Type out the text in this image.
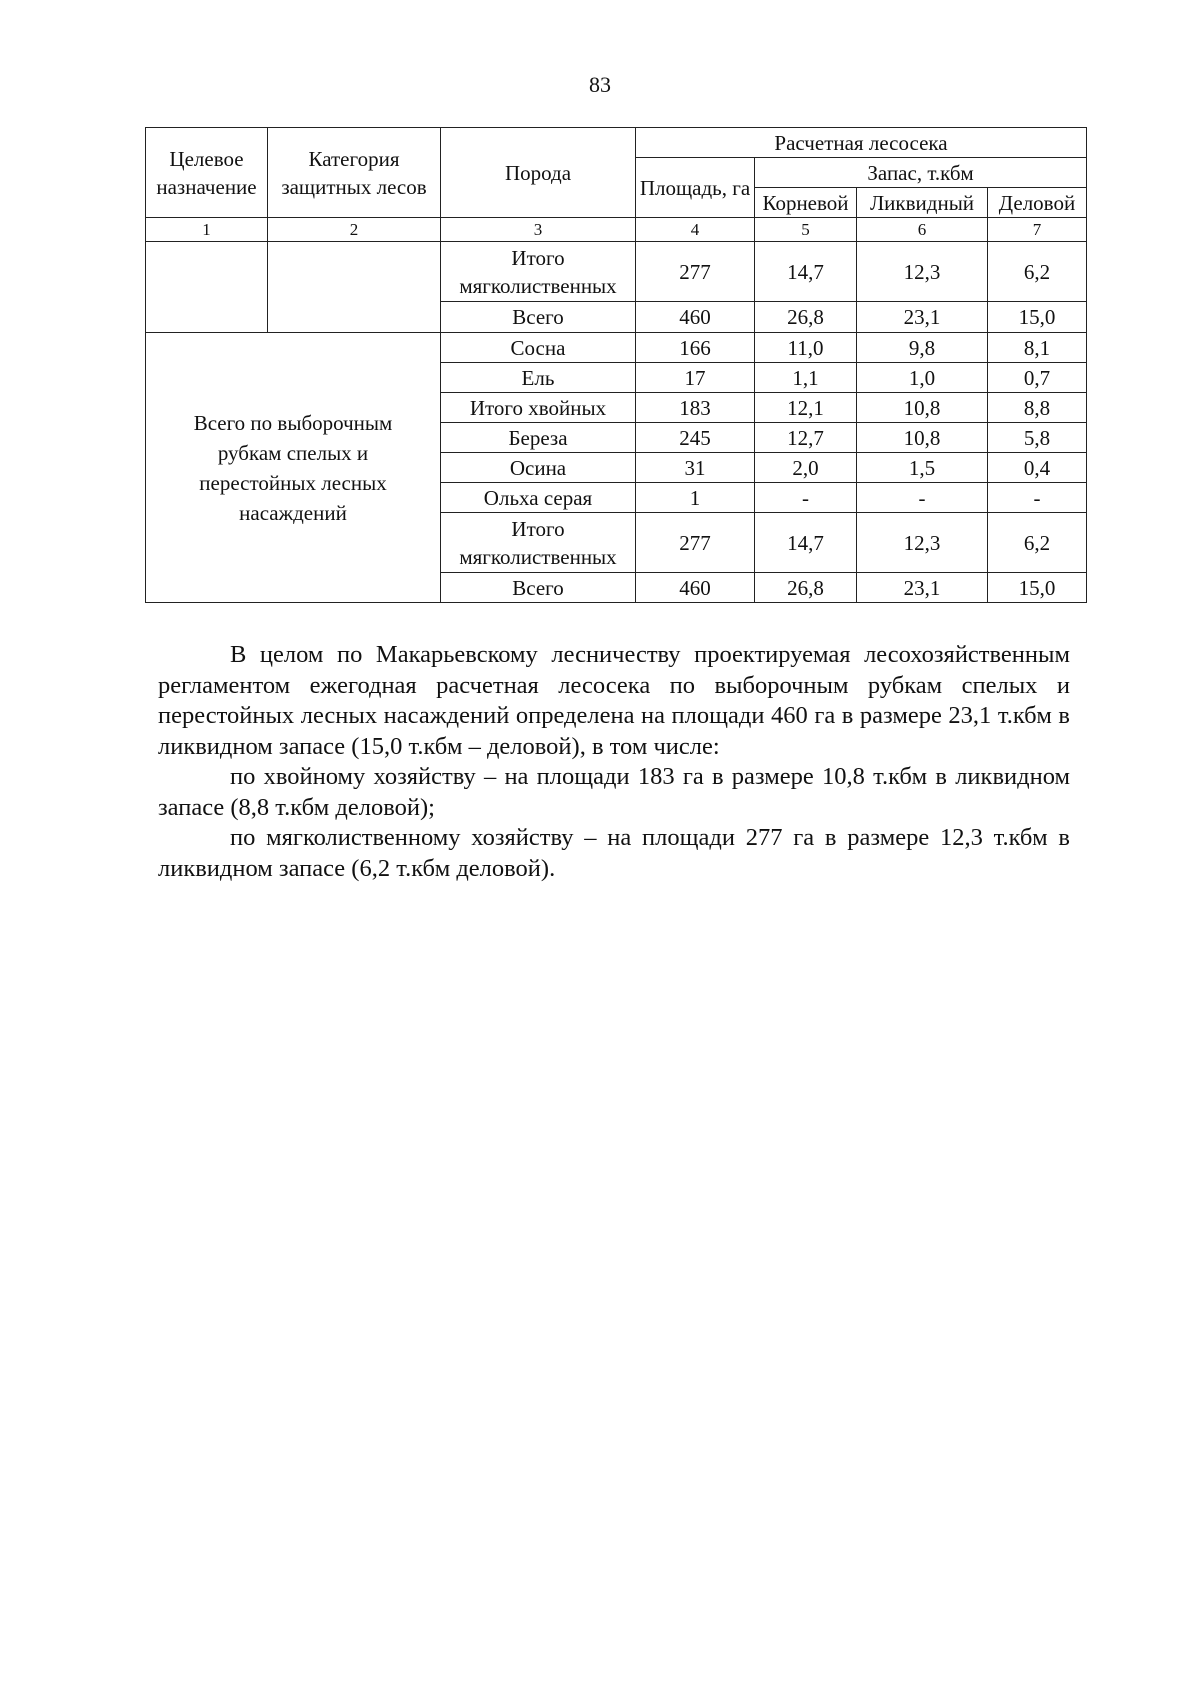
83
Целевое назначение	Категория защитных лесов	Порода	Расчетная лесосека			
			Площадь, га	Запас, т.кбм		
				Корневой	Ликвидный	Деловой
1	2	3	4	5	6	7
		Итого мягколиственных	277	14,7	12,3	6,2
		Всего	460	26,8	23,1	15,0
Всего по выборочным рубкам спелых и перестойных лесных насаждений		Сосна	166	11,0	9,8	8,1
		Ель	17	1,1	1,0	0,7
		Итого хвойных	183	12,1	10,8	8,8
		Береза	245	12,7	10,8	5,8
		Осина	31	2,0	1,5	0,4
		Ольха серая	1	-	-	-
		Итого мягколиственных	277	14,7	12,3	6,2
		Всего	460	26,8	23,1	15,0

В целом по Макарьевскому лесничеству проектируемая лесохозяйственным регламентом ежегодная расчетная лесосека по выборочным рубкам спелых и перестойных лесных насаждений определена на площади 460 га в размере 23,1 т.кбм в ликвидном запасе (15,0 т.кбм – деловой), в том числе:

по хвойному хозяйству – на площади 183 га в размере 10,8 т.кбм в ликвидном запасе (8,8 т.кбм деловой);

по мягколиственному хозяйству – на площади 277 га в размере 12,3 т.кбм в ликвидном запасе (6,2 т.кбм деловой).
